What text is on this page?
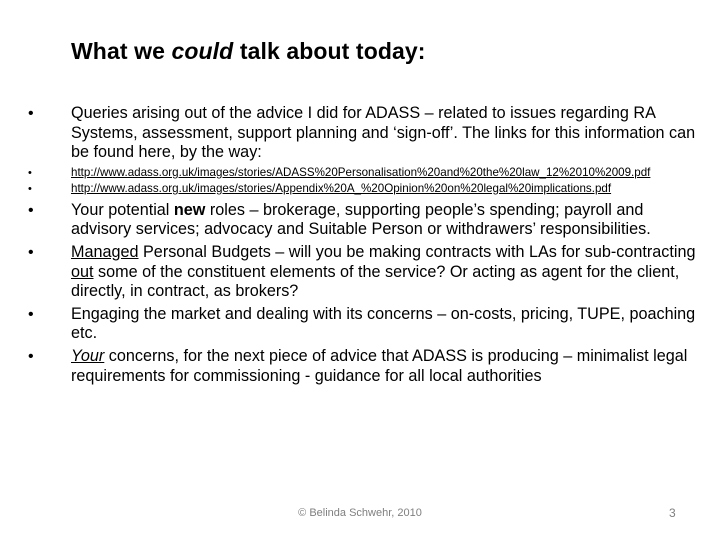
What we could talk about today:
• Queries arising out of the advice I did for ADASS – related to issues regarding RA Systems, assessment, support planning and ‘sign-off’. The links for this information can be found here, by the way:
•	http://www.adass.org.uk/images/stories/ADASS%20Personalisation%20and%20the%20law_12%2010%2009.pdf
•	http://www.adass.org.uk/images/stories/Appendix%20A_%20Opinion%20on%20legal%20implications.pdf
• Your potential new roles – brokerage, supporting people’s spending; payroll and advisory services; advocacy and Suitable Person or withdrawers’ responsibilities.
• Managed Personal Budgets – will you be making contracts with LAs for sub-contracting out some of the constituent elements of the service? Or acting as agent for the client, directly, in contract, as brokers?
• Engaging the market and dealing with its concerns – on-costs, pricing, TUPE, poaching etc.
• Your concerns, for the next piece of advice that ADASS is producing – minimalist legal requirements for commissioning - guidance for all local authorities
© Belinda Schwehr, 2010	3
